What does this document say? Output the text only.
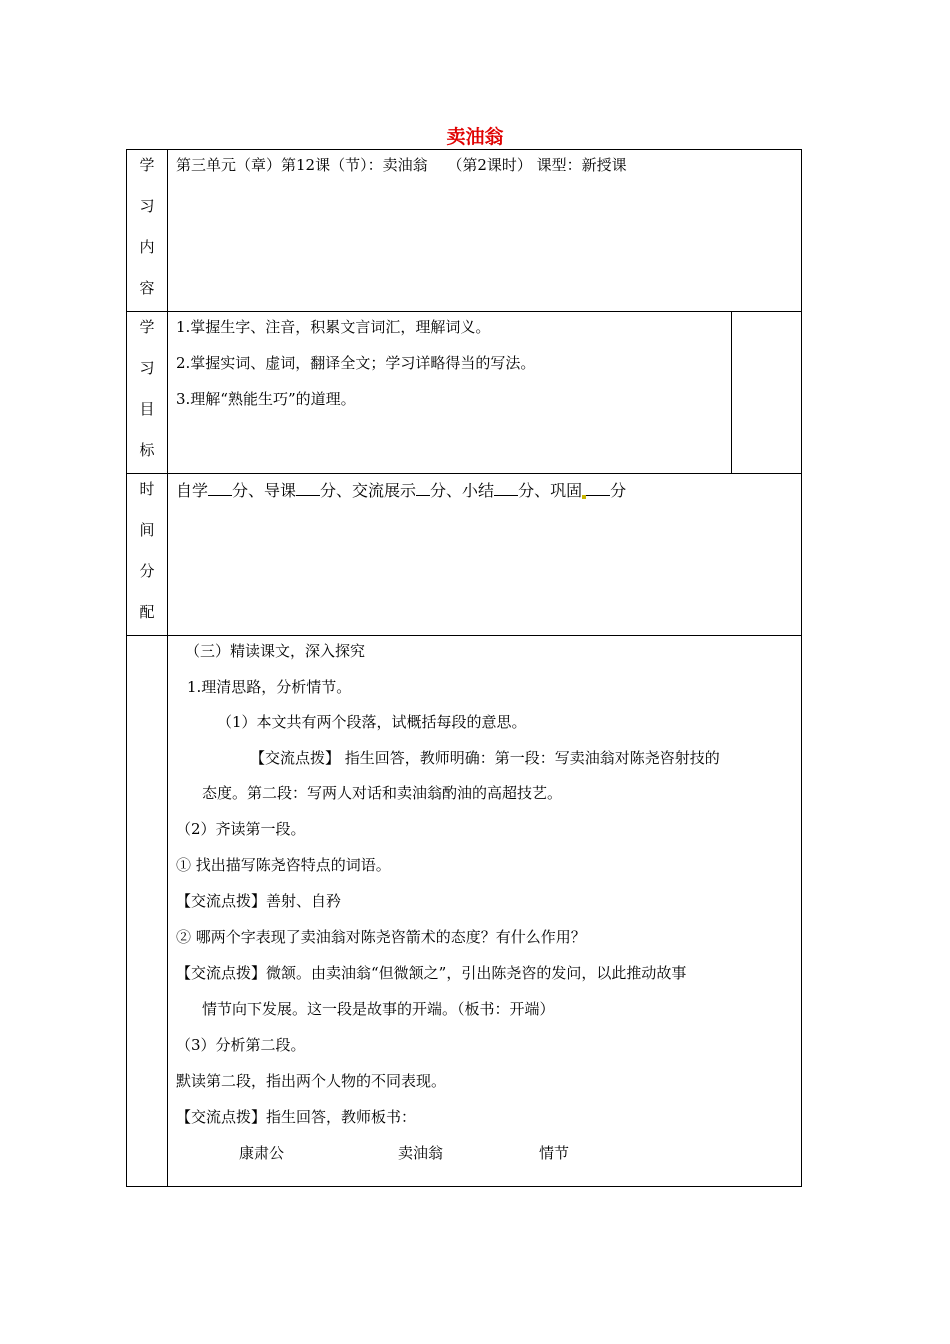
卖油翁
学
习
内
容
第三单元（章）第12课（节）：卖油翁　 （第2课时） 课型：新授课
学
习
目
标
1.掌握生字、注音，积累文言词汇，理解词义。
2.掌握实词、虚词，翻译全文；学习详略得当的写法。
3.理解“熟能生巧”的道理。
时
间
分
配
自学 分、导课 分、交流展示 分、小结 分、巩固 分
（三）精读课文，深入探究
1.理清思路，分析情节。
（1）本文共有两个段落，试概括每段的意思。
【交流点拨】 指生回答，教师明确：第一段：写卖油翁对陈尧咨射技的
态度。第二段：写两人对话和卖油翁酌油的高超技艺。
（2）齐读第一段。
① 找出描写陈尧咨特点的词语。
【交流点拨】善射、自矜
② 哪两个字表现了卖油翁对陈尧咨箭术的态度？有什么作用？
【交流点拨】微颔。由卖油翁“但微颔之”，引出陈尧咨的发问，以此推动故事
情节向下发展。这一段是故事的开端。（板书：开端）
（3）分析第二段。
默读第二段，指出两个人物的不同表现。
【交流点拨】指生回答，教师板书：
康肃公	卖油翁	情节
